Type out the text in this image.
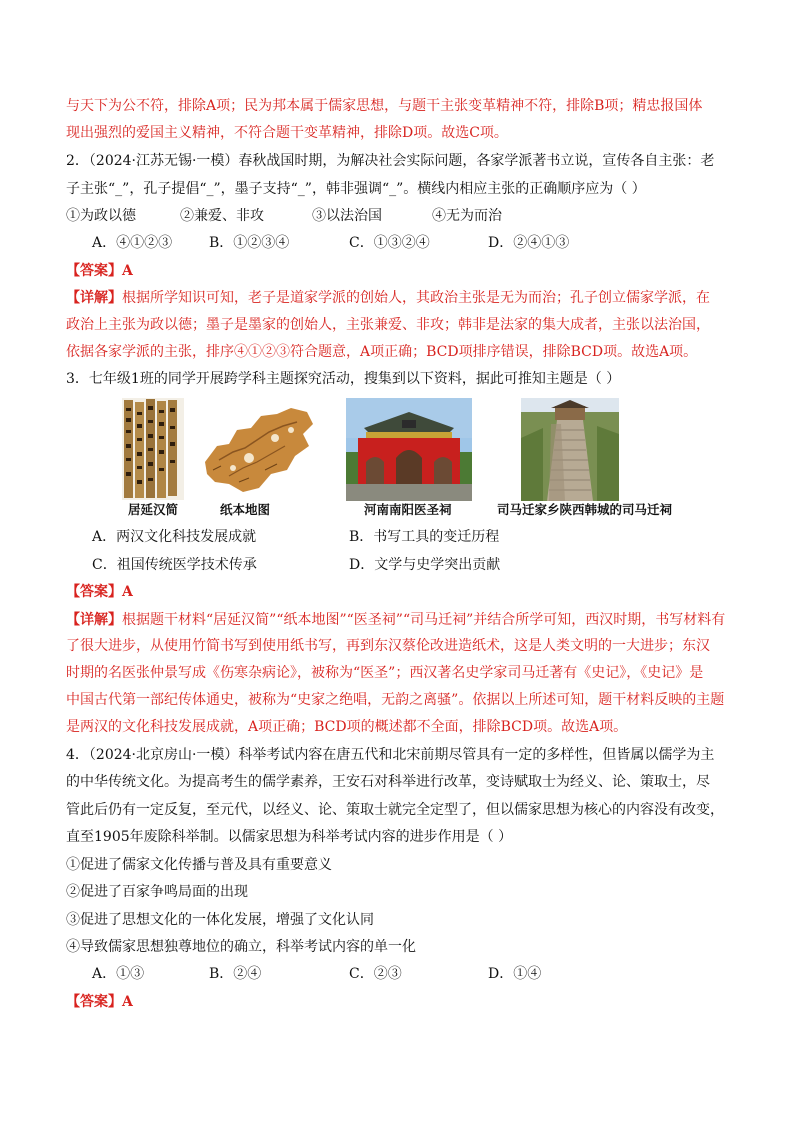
与天下为公不符，排除A项；民为邦本属于儒家思想，与题干主张变革精神不符，排除B项；精忠报国体
现出强烈的爱国主义精神，不符合题干变革精神，排除D项。故选C项。
2．（2024·江苏无锡·一模）春秋战国时期，为解决社会实际问题，各家学派著书立说，宣传各自主张：老
子主张“_”，孔子提倡“_”，墨子支持“_”，韩非强调“_”。横线内相应主张的正确顺序应为（ ）
①为政以德	②兼爱、非攻	③以法治国	④无为而治
A．④①②③	B．①②③④	C．①③②④	D．②④①③
【答案】A
【详解】根据所学知识可知，老子是道家学派的创始人，其政治主张是无为而治；孔子创立儒家学派，在
政治上主张为政以德；墨子是墨家的创始人，主张兼爱、非攻；韩非是法家的集大成者，主张以法治国，
依据各家学派的主张，排序④①②③符合题意，A项正确；BCD项排序错误，排除BCD项。故选A项。
3．七年级1班的同学开展跨学科主题探究活动，搜集到以下资料，据此可推知主题是（ ）
居延汉简	纸本地图	河南南阳医圣祠	司马迁家乡陕西韩城的司马迁祠
A．两汉文化科技发展成就	B．书写工具的变迁历程
C．祖国传统医学技术传承	D．文学与史学突出贡献
【答案】A
【详解】根据题干材料“居延汉简”“纸本地图”“医圣祠”“司马迁祠”并结合所学可知，西汉时期，书写材料有
了很大进步，从使用竹简书写到使用纸书写，再到东汉蔡伦改进造纸术，这是人类文明的一大进步；东汉
时期的名医张仲景写成《伤寒杂病论》，被称为“医圣”；西汉著名史学家司马迁著有《史记》，《史记》是
中国古代第一部纪传体通史，被称为“史家之绝唱，无韵之离骚”。依据以上所述可知，题干材料反映的主题
是两汉的文化科技发展成就，A项正确；BCD项的概述都不全面，排除BCD项。故选A项。
4．（2024·北京房山·一模）科举考试内容在唐五代和北宋前期尽管具有一定的多样性，但皆属以儒学为主
的中华传统文化。为提高考生的儒学素养，王安石对科举进行改革，变诗赋取士为经义、论、策取士，尽
管此后仍有一定反复，至元代，以经义、论、策取士就完全定型了，但以儒家思想为核心的内容没有改变，
直至1905年废除科举制。以儒家思想为科举考试内容的进步作用是（ ）
①促进了儒家文化传播与普及具有重要意义
②促进了百家争鸣局面的出现
③促进了思想文化的一体化发展，增强了文化认同
④导致儒家思想独尊地位的确立，科举考试内容的单一化
A．①③	B．②④	C．②③	D．①④
【答案】A
